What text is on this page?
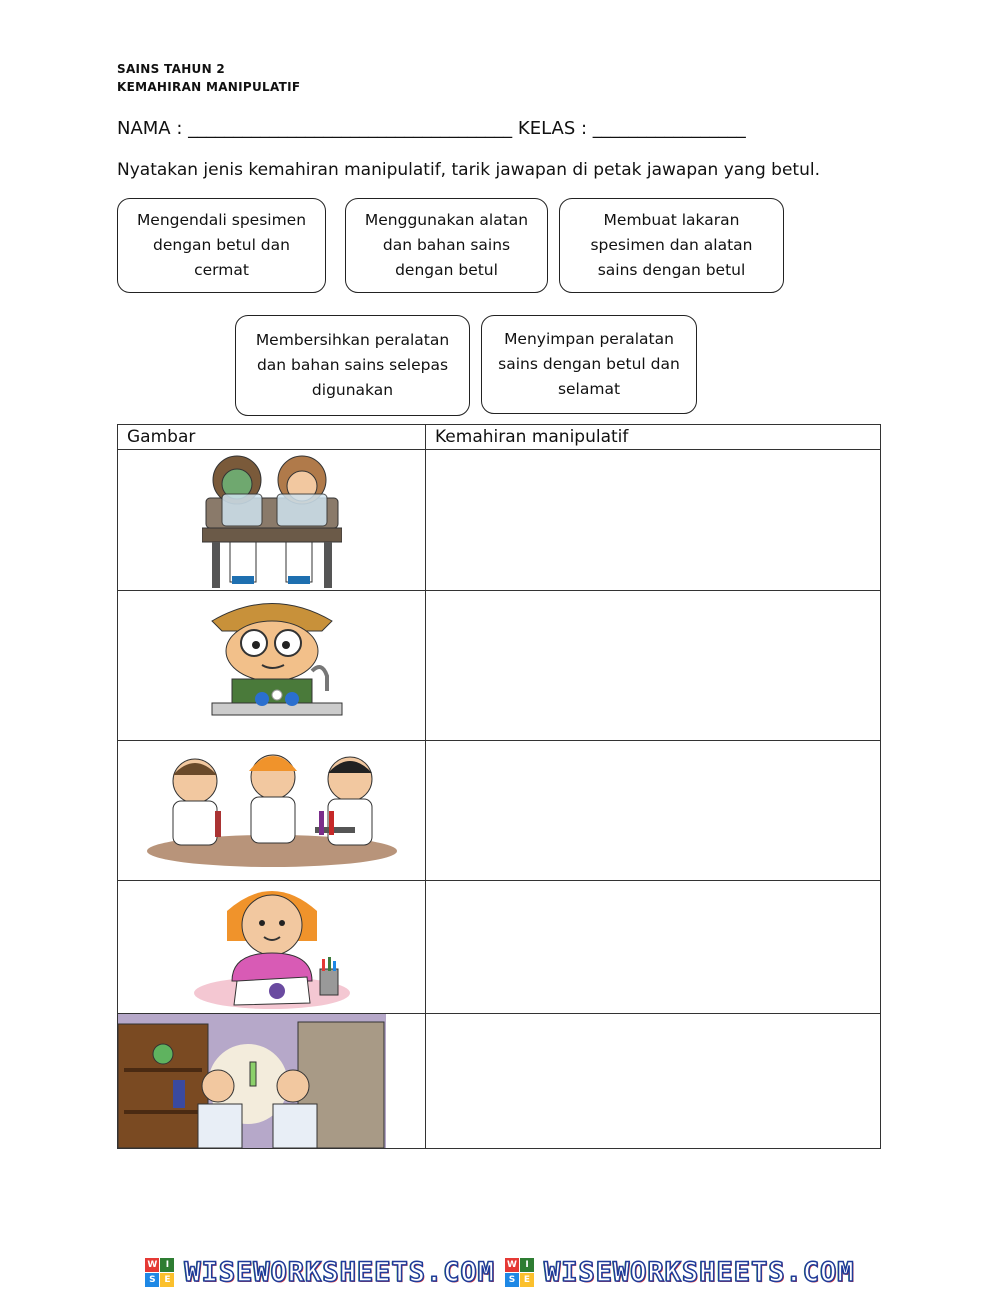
SAINS TAHUN 2
KEMAHIRAN MANIPULATIF
NAMA : ____________________________________ KELAS : _________________
Nyatakan jenis kemahiran manipulatif, tarik jawapan di petak jawapan yang betul.
Mengendali spesimen
dengan betul dan
cermat
Menggunakan alatan
dan bahan sains
dengan betul
Membuat lakaran
spesimen dan alatan
sains dengan betul
Membersihkan peralatan
dan bahan sains selepas
digunakan
Menyimpan peralatan
sains dengan betul dan
selamat
Gambar	Kemahiran manipulatif

W I
S E WISEWORKSHEETS.COM W I
S E WISEWORKSHEETS.COM
